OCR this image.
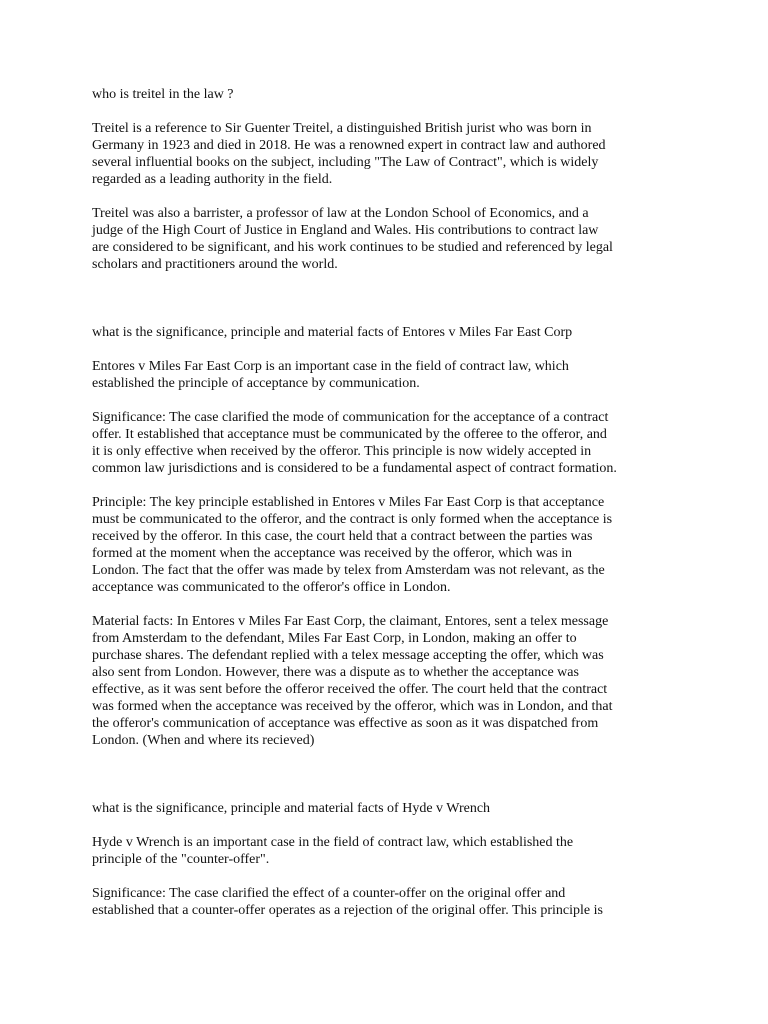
who is treitel in the law ?

Treitel is a reference to Sir Guenter Treitel, a distinguished British jurist who was born in
Germany in 1923 and died in 2018. He was a renowned expert in contract law and authored
several influential books on the subject, including "The Law of Contract", which is widely
regarded as a leading authority in the field.

Treitel was also a barrister, a professor of law at the London School of Economics, and a
judge of the High Court of Justice in England and Wales. His contributions to contract law
are considered to be significant, and his work continues to be studied and referenced by legal
scholars and practitioners around the world.

what is the significance, principle and material facts of Entores v Miles Far East Corp

Entores v Miles Far East Corp is an important case in the field of contract law, which
established the principle of acceptance by communication.

Significance: The case clarified the mode of communication for the acceptance of a contract
offer. It established that acceptance must be communicated by the offeree to the offeror, and
it is only effective when received by the offeror. This principle is now widely accepted in
common law jurisdictions and is considered to be a fundamental aspect of contract formation.

Principle: The key principle established in Entores v Miles Far East Corp is that acceptance
must be communicated to the offeror, and the contract is only formed when the acceptance is
received by the offeror. In this case, the court held that a contract between the parties was
formed at the moment when the acceptance was received by the offeror, which was in
London. The fact that the offer was made by telex from Amsterdam was not relevant, as the
acceptance was communicated to the offeror's office in London.

Material facts: In Entores v Miles Far East Corp, the claimant, Entores, sent a telex message
from Amsterdam to the defendant, Miles Far East Corp, in London, making an offer to
purchase shares. The defendant replied with a telex message accepting the offer, which was
also sent from London. However, there was a dispute as to whether the acceptance was
effective, as it was sent before the offeror received the offer. The court held that the contract
was formed when the acceptance was received by the offeror, which was in London, and that
the offeror's communication of acceptance was effective as soon as it was dispatched from
London. (When and where its recieved)

what is the significance, principle and material facts of Hyde v Wrench

Hyde v Wrench is an important case in the field of contract law, which established the
principle of the "counter-offer".

Significance: The case clarified the effect of a counter-offer on the original offer and
established that a counter-offer operates as a rejection of the original offer. This principle is
